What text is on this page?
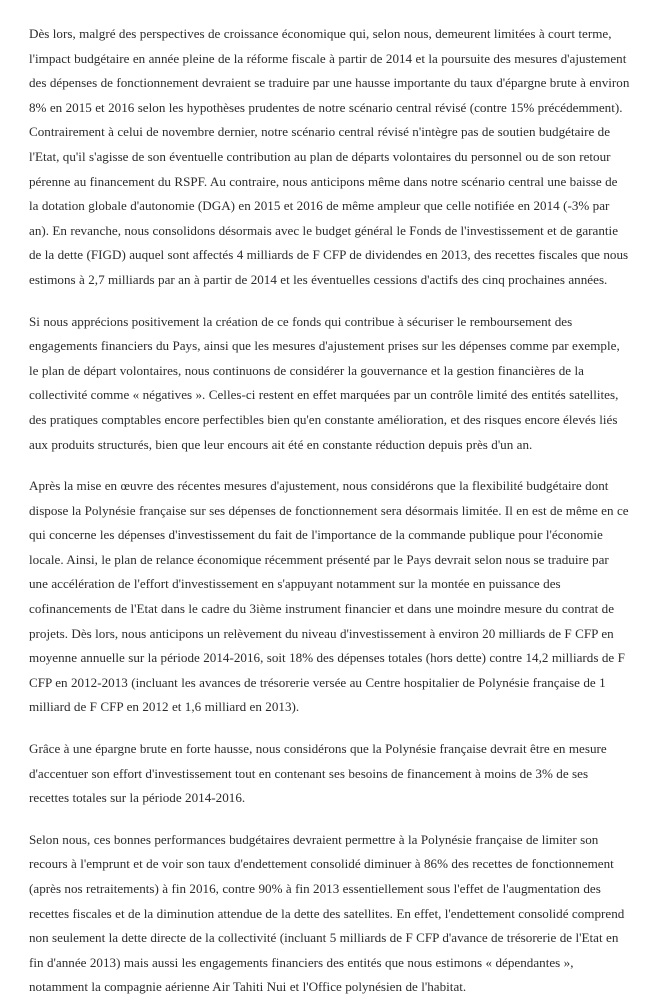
Dès lors, malgré des perspectives de croissance économique qui, selon nous, demeurent limitées à court terme, l'impact budgétaire en année pleine de la réforme fiscale à partir de 2014 et la poursuite des mesures d'ajustement des dépenses de fonctionnement devraient se traduire par une hausse importante du taux d'épargne brute à environ 8% en 2015 et 2016 selon les hypothèses prudentes de notre scénario central révisé (contre 15% précédemment). Contrairement à celui de novembre dernier, notre scénario central révisé n'intègre pas de soutien budgétaire de l'Etat, qu'il s'agisse de son éventuelle contribution au plan de départs volontaires du personnel ou de son retour pérenne au financement du RSPF. Au contraire, nous anticipons même dans notre scénario central une baisse de la dotation globale d'autonomie (DGA) en 2015 et 2016 de même ampleur que celle notifiée en 2014 (-3% par an). En revanche, nous consolidons désormais avec le budget général le Fonds de l'investissement et de garantie de la dette (FIGD) auquel sont affectés 4 milliards de F CFP de dividendes en 2013, des recettes fiscales que nous estimons à 2,7 milliards par an à partir de 2014 et les éventuelles cessions d'actifs des cinq prochaines années.

Si nous apprécions positivement la création de ce fonds qui contribue à sécuriser le remboursement des engagements financiers du Pays, ainsi que les mesures d'ajustement prises sur les dépenses comme par exemple, le plan de départ volontaires, nous continuons de considérer la gouvernance et la gestion financières de la collectivité comme « négatives ». Celles-ci restent en effet marquées par un contrôle limité des entités satellites, des pratiques comptables encore perfectibles bien qu'en constante amélioration, et des risques encore élevés liés aux produits structurés, bien que leur encours ait été en constante réduction depuis près d'un an.

Après la mise en œuvre des récentes mesures d'ajustement, nous considérons que la flexibilité budgétaire dont dispose la Polynésie française sur ses dépenses de fonctionnement sera désormais limitée. Il en est de même en ce qui concerne les dépenses d'investissement du fait de l'importance de la commande publique pour l'économie locale. Ainsi, le plan de relance économique récemment présenté par le Pays devrait selon nous se traduire par une accélération de l'effort d'investissement en s'appuyant notamment sur la montée en puissance des cofinancements de l'Etat dans le cadre du 3ième instrument financier et dans une moindre mesure du contrat de projets. Dès lors, nous anticipons un relèvement du niveau d'investissement à environ 20 milliards de F CFP en moyenne annuelle sur la période 2014-2016, soit 18% des dépenses totales (hors dette) contre 14,2 milliards de F CFP en 2012-2013 (incluant les avances de trésorerie versée au Centre hospitalier de Polynésie française de 1 milliard de F CFP en 2012 et 1,6 milliard en 2013).

Grâce à une épargne brute en forte hausse, nous considérons que la Polynésie française devrait être en mesure d'accentuer son effort d'investissement tout en contenant ses besoins de financement à moins de 3% de ses recettes totales sur la période 2014-2016.

Selon nous, ces bonnes performances budgétaires devraient permettre à la Polynésie française de limiter son recours à l'emprunt et de voir son taux d'endettement consolidé diminuer à 86% des recettes de fonctionnement (après nos retraitements) à fin 2016, contre 90% à fin 2013 essentiellement sous l'effet de l'augmentation des recettes fiscales et de la diminution attendue de la dette des satellites. En effet, l'endettement consolidé comprend non seulement la dette directe de la collectivité (incluant 5 milliards de F CFP d'avance de trésorerie de l'Etat en fin d'année 2013) mais aussi les engagements financiers des entités que nous estimons « dépendantes », notamment la compagnie aérienne Air Tahiti Nui et l'Office polynésien de l'habitat.
